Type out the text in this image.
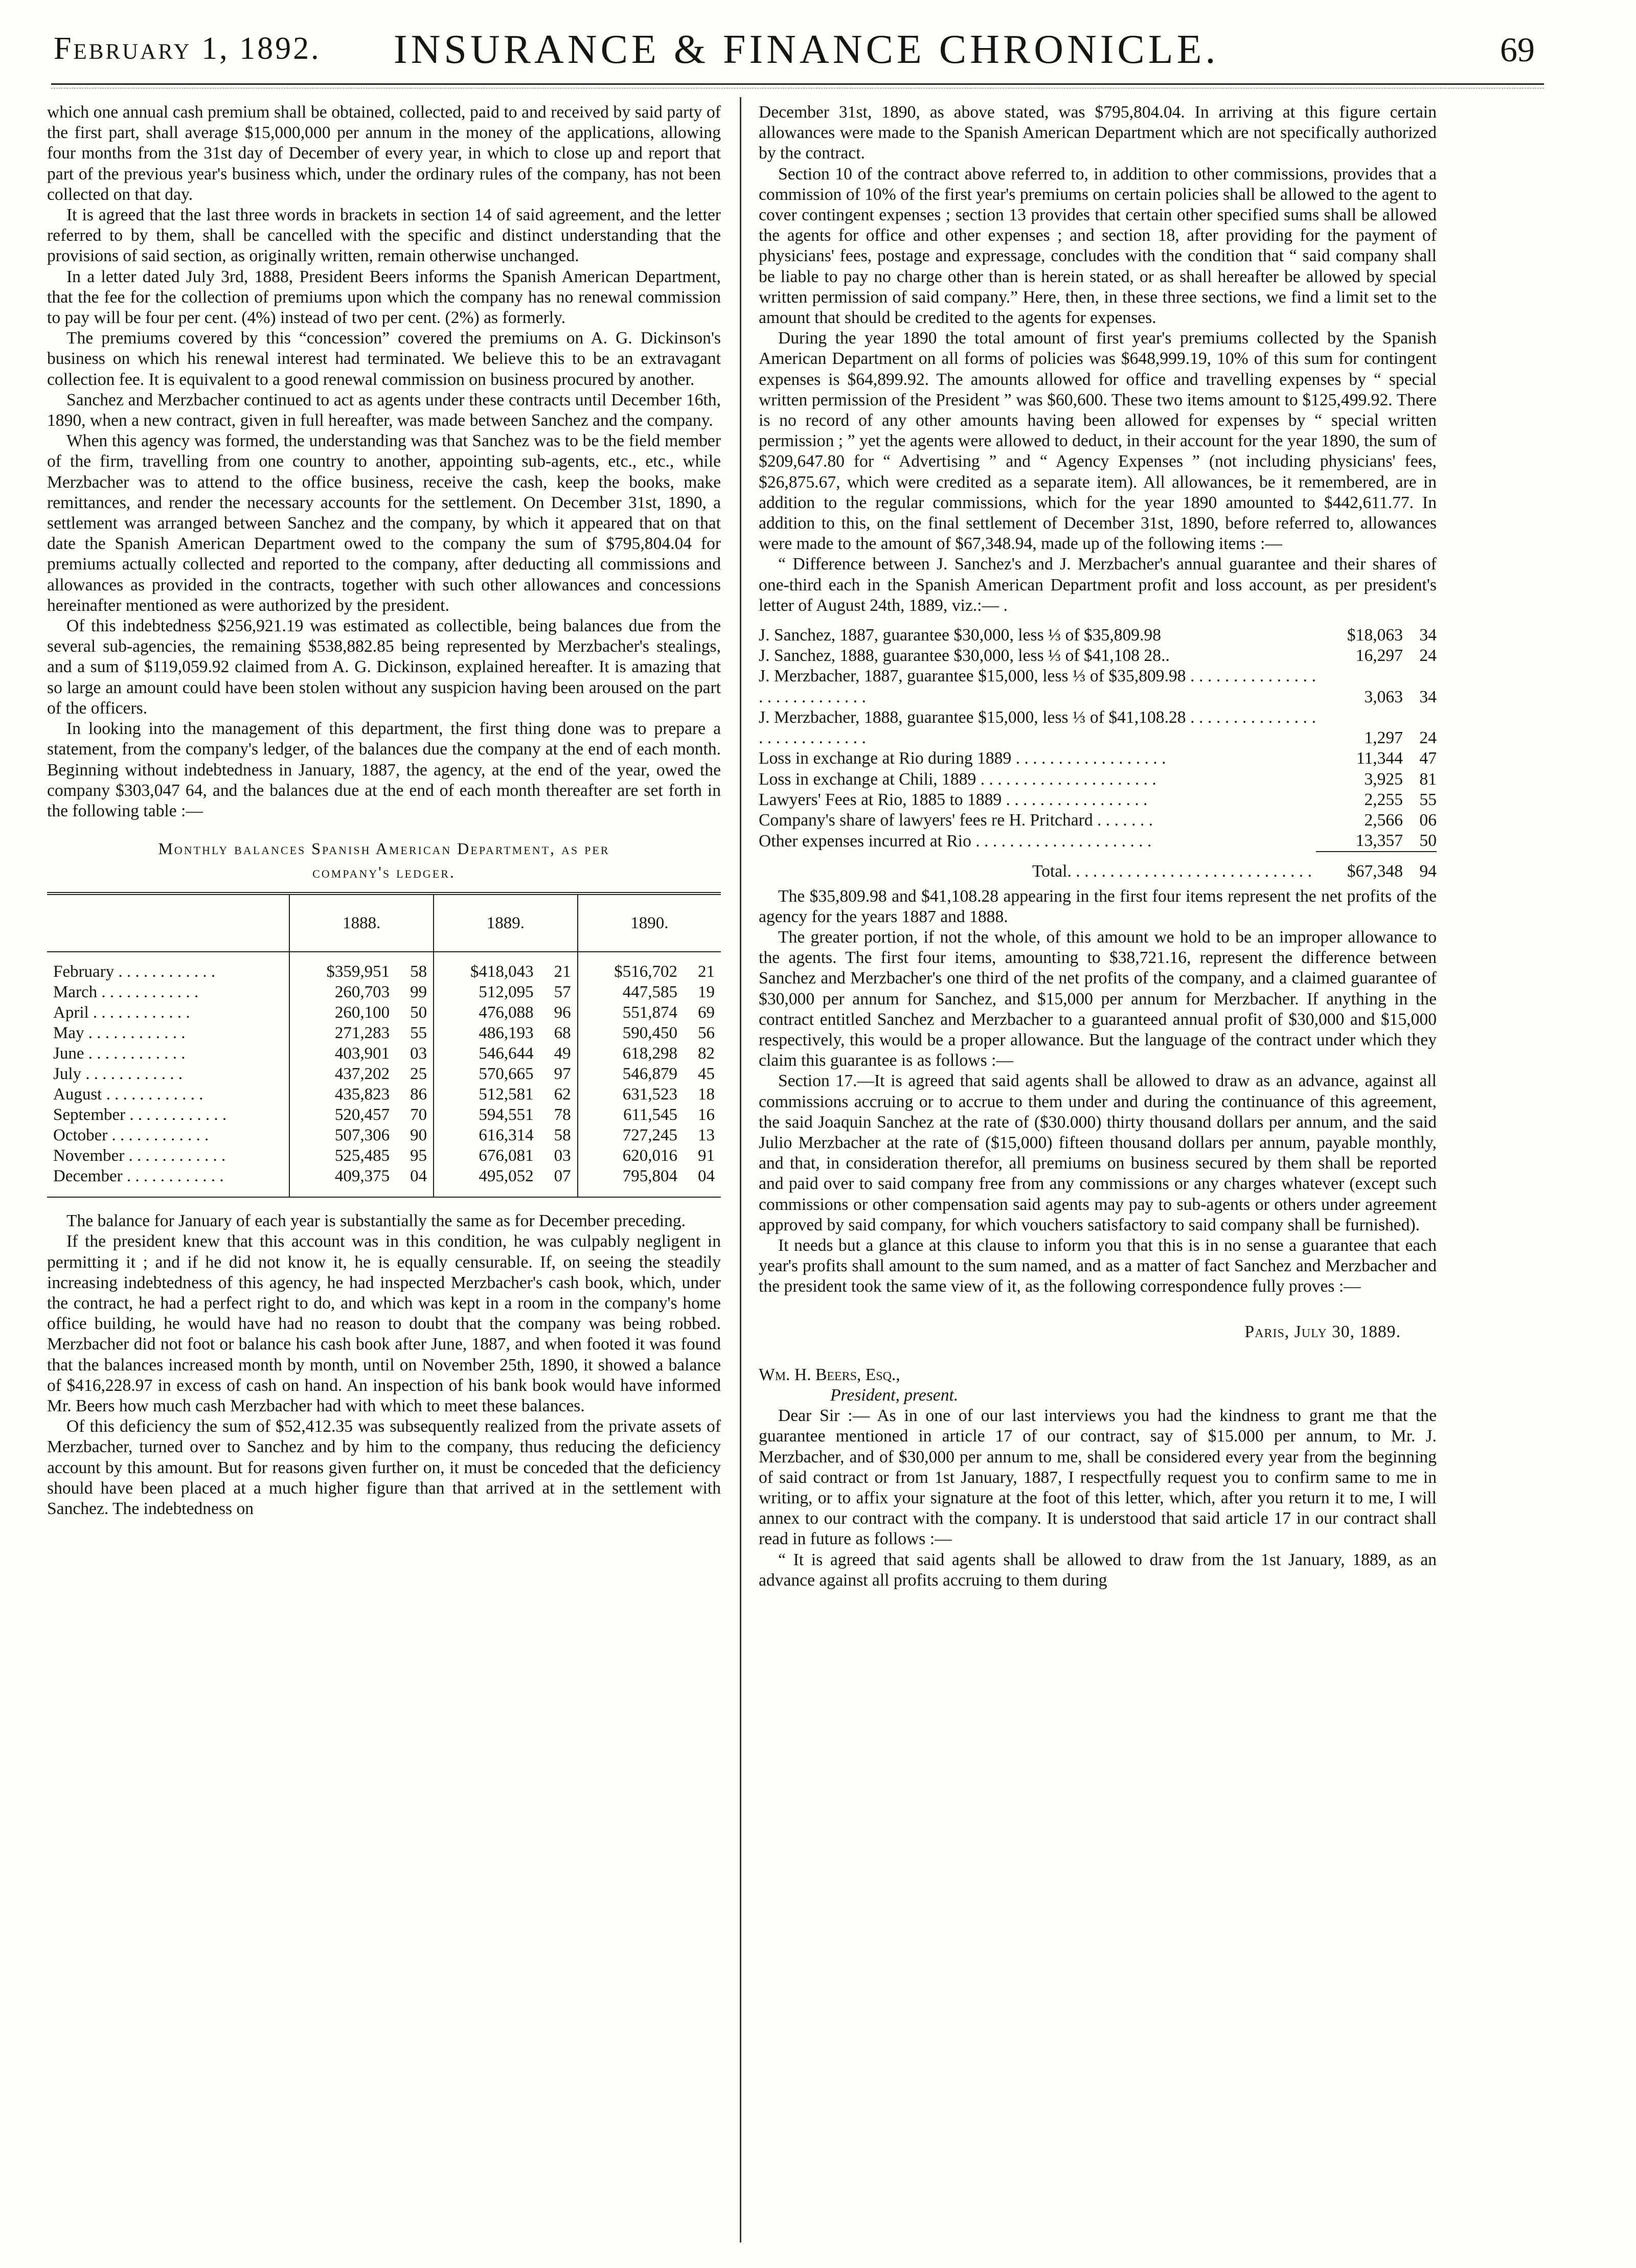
February 1, 1892. INSURANCE & FINANCE CHRONICLE.	69

which one annual cash premium shall be obtained, collected, paid to and received by said party of the first part, shall average $15,000,000 per annum in the money of the applications, allowing four months from the 31st day of December of every year, in which to close up and report that part of the previous year's business which, under the ordinary rules of the company, has not been collected on that day.

It is agreed that the last three words in brackets in section 14 of said agreement, and the letter referred to by them, shall be cancelled with the specific and distinct understanding that the provisions of said section, as originally written, remain otherwise unchanged.

In a letter dated July 3rd, 1888, President Beers informs the Spanish American Department, that the fee for the collection of premiums upon which the company has no renewal commission to pay will be four per cent. (4%) instead of two per cent. (2%) as formerly.

The premiums covered by this “concession” covered the premiums on A. G. Dickinson's business on which his renewal interest had terminated. We believe this to be an extravagant collection fee. It is equivalent to a good renewal commission on business procured by another.

Sanchez and Merzbacher continued to act as agents under these contracts until December 16th, 1890, when a new contract, given in full hereafter, was made between Sanchez and the company.

When this agency was formed, the understanding was that Sanchez was to be the field member of the firm, travelling from one country to another, appointing sub-agents, etc., etc., while Merzbacher was to attend to the office business, receive the cash, keep the books, make remittances, and render the necessary accounts for the settlement. On December 31st, 1890, a settlement was arranged between Sanchez and the company, by which it appeared that on that date the Spanish American Department owed to the company the sum of $795,804.04 for premiums actually collected and reported to the company, after deducting all commissions and allowances as provided in the contracts, together with such other allowances and concessions hereinafter mentioned as were authorized by the president.

Of this indebtedness $256,921.19 was estimated as collectible, being balances due from the several sub-agencies, the remaining $538,882.85 being represented by Merzbacher's stealings, and a sum of $119,059.92 claimed from A. G. Dickinson, explained hereafter. It is amazing that so large an amount could have been stolen without any suspicion having been aroused on the part of the officers.

In looking into the management of this department, the first thing done was to prepare a statement, from the company's ledger, of the balances due the company at the end of each month. Beginning without indebtedness in January, 1887, the agency, at the end of the year, owed the company $303,047 64, and the balances due at the end of each month thereafter are set forth in the following table :—

Monthly balances Spanish American Department, as per
company's ledger.
	1888.	1889.	1890.
February . . .	$359,951 58	$418,043 21	$516,702 21
March . . .	260,703 99	512,095 57	447,585 19
April . . .	260,100 50	476,088 96	551,874 69
May . . .	271,283 55	486,193 68	590,450 56
June . . .	403,901 03	546,644 49	618,298 82
July . . .	437,202 25	570,665 97	546,879 45
August . . .	435,823 86	512,581 62	631,523 18
September . . .	520,457 70	594,551 78	611,545 16
October . . .	507,306 90	616,314 58	727,245 13
November . . .	525,485 95	676,081 03	620,016 91
December . . .	409,375 04	495,052 07	795,804 04

The balance for January of each year is substantially the same as for December preceding.

If the president knew that this account was in this condition, he was culpably negligent in permitting it ; and if he did not know it, he is equally censurable. If, on seeing the steadily increasing indebtedness of this agency, he had inspected Merzbacher's cash book, which, under the contract, he had a perfect right to do, and which was kept in a room in the company's home office building, he would have had no reason to doubt that the company was being robbed. Merzbacher did not foot or balance his cash book after June, 1887, and when footed it was found that the balances increased month by month, until on November 25th, 1890, it showed a balance of $416,228.97 in excess of cash on hand. An inspection of his bank book would have informed Mr. Beers how much cash Merzbacher had with which to meet these balances.

Of this deficiency the sum of $52,412.35 was subsequently realized from the private assets of Merzbacher, turned over to Sanchez and by him to the company, thus reducing the deficiency account by this amount. But for reasons given further on, it must be conceded that the deficiency should have been placed at a much higher figure than that arrived at in the settlement with Sanchez. The indebtedness on

December 31st, 1890, as above stated, was $795,804.04. In arriving at this figure certain allowances were made to the Spanish American Department which are not specifically authorized by the contract.

Section 10 of the contract above referred to, in addition to other commissions, provides that a commission of 10% of the first year's premiums on certain policies shall be allowed to the agent to cover contingent expenses ; section 13 provides that certain other specified sums shall be allowed the agents for office and other expenses ; and section 18, after providing for the payment of physicians' fees, postage and expressage, concludes with the condition that “ said company shall be liable to pay no charge other than is herein stated, or as shall hereafter be allowed by special written permission of said company.” Here, then, in these three sections, we find a limit set to the amount that should be credited to the agents for expenses.

During the year 1890 the total amount of first year's premiums collected by the Spanish American Department on all forms of policies was $648,999.19, 10% of this sum for contingent expenses is $64,899.92. The amounts allowed for office and travelling expenses by “ special written permission of the President ” was $60,600. These two items amount to $125,499.92. There is no record of any other amounts having been allowed for expenses by “ special written permission ; ” yet the agents were allowed to deduct, in their account for the year 1890, the sum of $209,647.80 for “ Advertising ” and “ Agency Expenses ” (not including physicians' fees, $26,875.67, which were credited as a separate item). All allowances, be it remembered, are in addition to the regular commissions, which for the year 1890 amounted to $442,611.77. In addition to this, on the final settlement of December 31st, 1890, before referred to, allowances were made to the amount of $67,348.94, made up of the following items :—

“ Difference between J. Sanchez's and J. Merzbacher's annual guarantee and their shares of one-third each in the Spanish American Department profit and loss account, as per president's letter of August 24th, 1889, viz.:— .

J. Sanchez, 1887, guarantee $30,000, less ⅓ of $35,809.98	$18,063	34
J. Sanchez, 1888, guarantee $30,000, less ⅓ of $41,108 28..	16,297	24
J. Merzbacher, 1887, guarantee $15,000, less ⅓ of $35,809.98 . . . . . . . . . . . . . . . . . . . . . . . . . . . .	3,063	34
J. Merzbacher, 1888, guarantee $15,000, less ⅓ of $41,108.28 . . . . . . . . . . . . . . . . . . . . . . . . . . . .	1,297	24
Loss in exchange at Rio during 1889 . . . . . . . . . . . . . . . . . .	11,344	47
Loss in exchange at Chili, 1889 . . . . . . . . . . . . . . . . . . . . .	3,925	81
Lawyers' Fees at Rio, 1885 to 1889 . . . . . . . . . . . . . . . . .	2,255	55
Company's share of lawyers' fees re H. Pritchard . . . . . . .	2,566	06
Other expenses incurred at Rio . . . . . . . . . . . . . . . . . . . . .	13,357	50
Total. . . . . . . . . . . . . . . . . . . . . . . . . . . . .	$67,348	94

The $35,809.98 and $41,108.28 appearing in the first four items represent the net profits of the agency for the years 1887 and 1888.

The greater portion, if not the whole, of this amount we hold to be an improper allowance to the agents. The first four items, amounting to $38,721.16, represent the difference between Sanchez and Merzbacher's one third of the net profits of the company, and a claimed guarantee of $30,000 per annum for Sanchez, and $15,000 per annum for Merzbacher. If anything in the contract entitled Sanchez and Merzbacher to a guaranteed annual profit of $30,000 and $15,000 respectively, this would be a proper allowance. But the language of the contract under which they claim this guarantee is as follows :—

Section 17.—It is agreed that said agents shall be allowed to draw as an advance, against all commissions accruing or to accrue to them under and during the continuance of this agreement, the said Joaquin Sanchez at the rate of ($30.000) thirty thousand dollars per annum, and the said Julio Merzbacher at the rate of ($15,000) fifteen thousand dollars per annum, payable monthly, and that, in consideration therefor, all premiums on business secured by them shall be reported and paid over to said company free from any commissions or any charges whatever (except such commissions or other compensation said agents may pay to sub-agents or others under agreement approved by said company, for which vouchers satisfactory to said company shall be furnished).

It needs but a glance at this clause to inform you that this is in no sense a guarantee that each year's profits shall amount to the sum named, and as a matter of fact Sanchez and Merzbacher and the president took the same view of it, as the following correspondence fully proves :—

Paris, July 30, 1889.

Wm. H. Beers, Esq.,

President, present.

Dear Sir :— As in one of our last interviews you had the kindness to grant me that the guarantee mentioned in article 17 of our contract, say of $15.000 per annum, to Mr. J. Merzbacher, and of $30,000 per annum to me, shall be considered every year from the beginning of said contract or from 1st January, 1887, I respectfully request you to confirm same to me in writing, or to affix your signature at the foot of this letter, which, after you return it to me, I will annex to our contract with the company. It is understood that said article 17 in our contract shall read in future as follows :—

“ It is agreed that said agents shall be allowed to draw from the 1st January, 1889, as an advance against all profits accruing to them during
